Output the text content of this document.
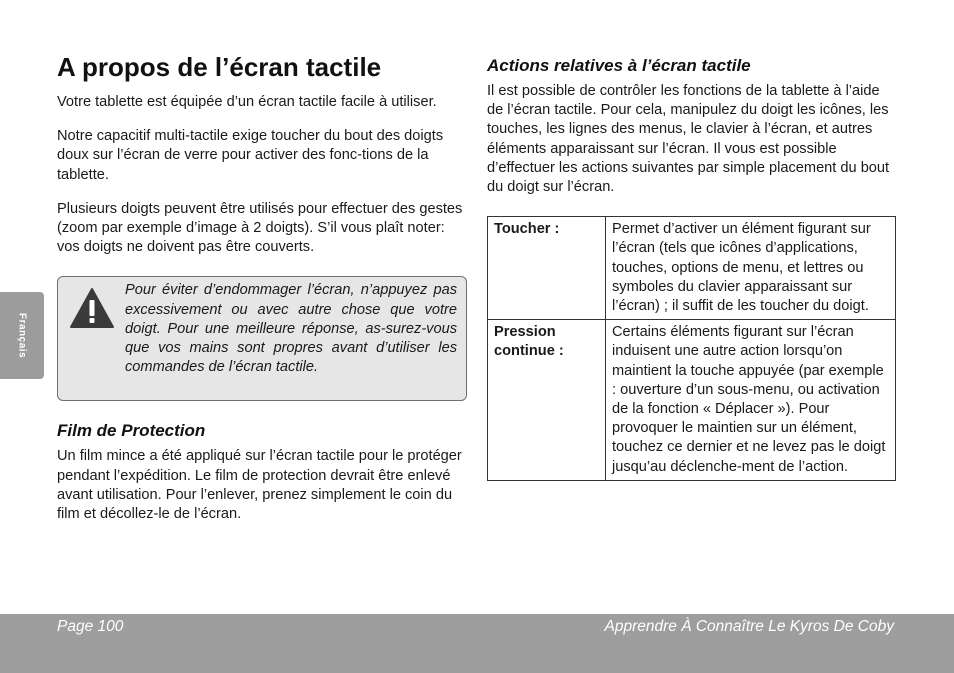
Français
A propos de l’écran tactile

Votre tablette est équipée d’un écran tactile facile à utiliser.

Notre capacitif multi-tactile exige toucher du bout des doigts doux sur l’écran de verre pour activer des fonc-tions de la tablette.

Plusieurs doigts peuvent être utilisés pour effectuer des gestes (zoom par exemple d’image à 2 doigts). S’il vous plaît noter: vos doigts ne doivent pas être couverts.

Pour éviter d’endommager l’écran, n’appuyez pas excessivement ou avec autre chose que votre doigt. Pour une meilleure réponse, as-surez-vous que vos mains sont propres avant d’utiliser les commandes de l’écran tactile.

Film de Protection

Un film mince a été appliqué sur l’écran tactile pour le protéger pendant l’expédition. Le film de protection devrait être enlevé avant utilisation. Pour l’enlever, prenez simplement le coin du film et décollez-le de l’écran.

Actions relatives à l’écran tactile

Il est possible de contrôler les fonctions de la tablette à l’aide de l’écran tactile. Pour cela, manipulez du doigt les icônes, les touches, les lignes des menus, le clavier à l’écran, et autres éléments apparaissant sur l’écran. Il vous est possible d’effectuer les actions suivantes par simple placement du bout du doigt sur l’écran.

Toucher :	Permet d’activer un élément figurant sur l’écran (tels que icônes d’applications, touches, options de menu, et lettres ou symboles du clavier apparaissant sur l’écran) ; il suffit de les toucher du doigt.
Pression continue :	Certains éléments figurant sur l’écran induisent une autre action lorsqu’on maintient la touche appuyée (par exemple : ouverture d’un sous-menu, ou activation de la fonction « Déplacer »). Pour provoquer le maintien sur un élément, touchez ce dernier et ne levez pas le doigt jusqu’au déclenche-ment de l’action.
Page 100	Apprendre À Connaître Le Kyros De Coby
